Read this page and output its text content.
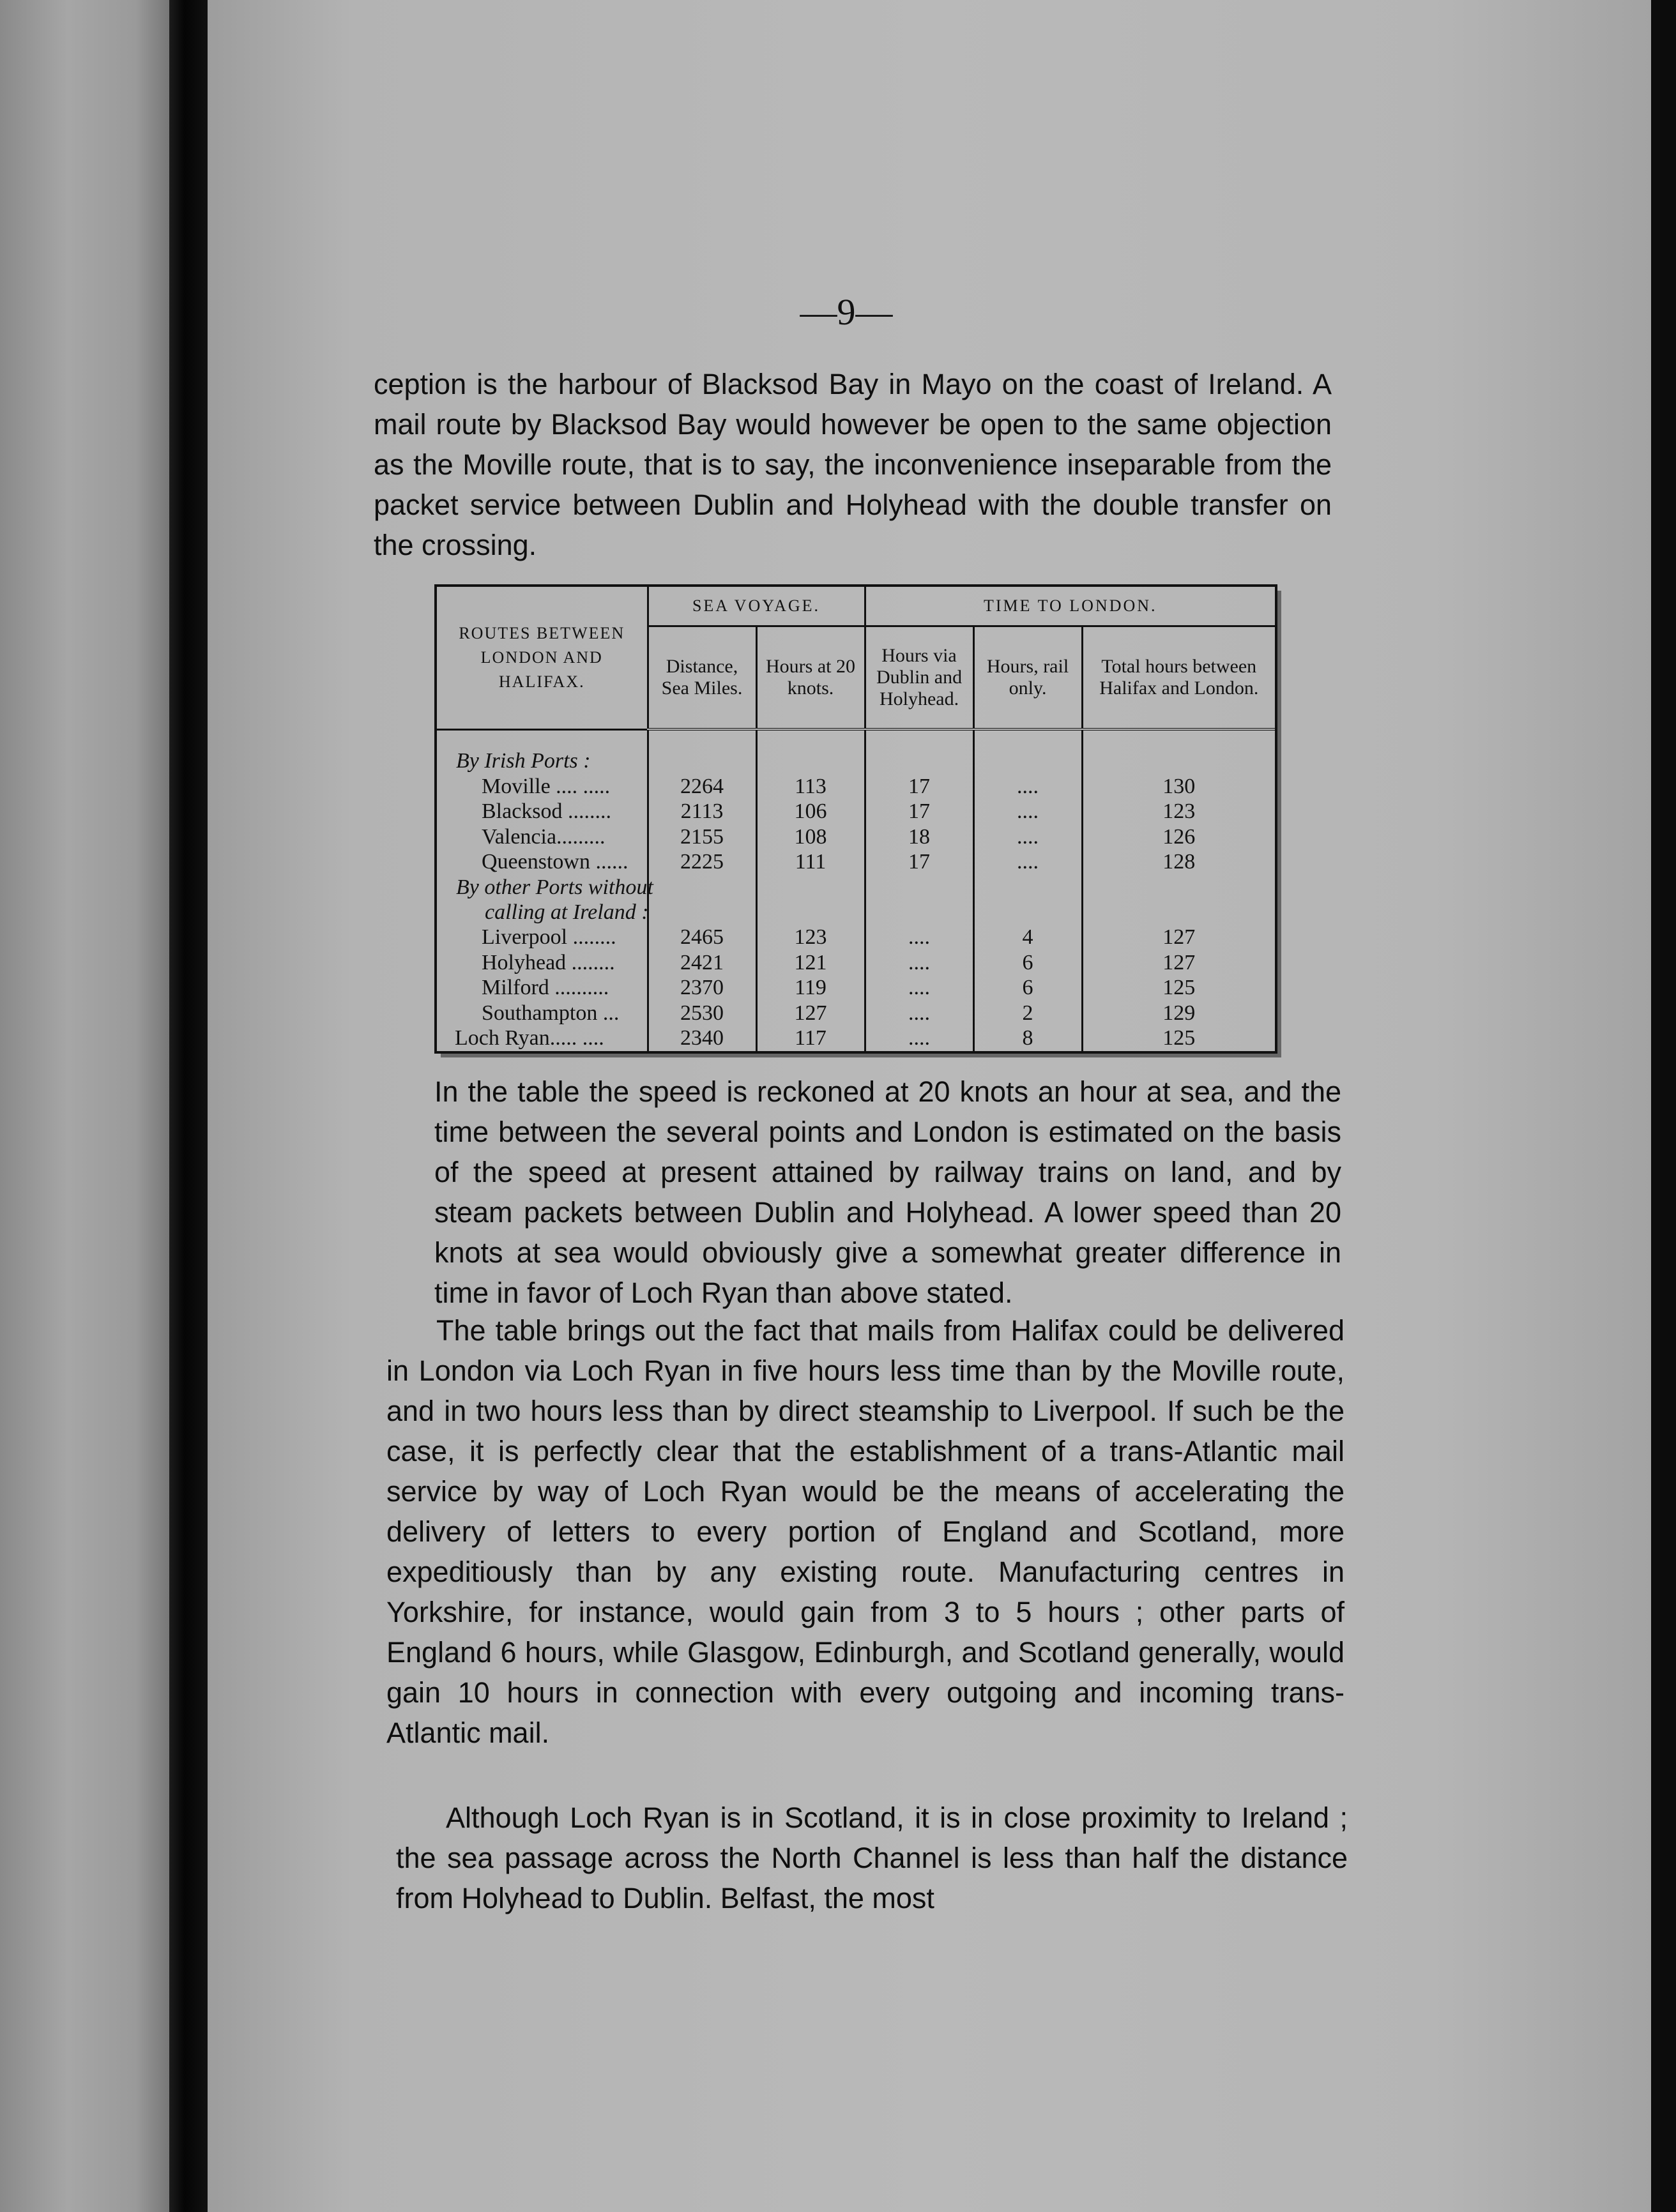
—9—

ception is the harbour of Blacksod Bay in Mayo on the coast of Ireland. A mail route by Blacksod Bay would however be open to the same objection as the Moville route, that is to say, the inconvenience inseparable from the packet service between Dublin and Holyhead with the double transfer on the crossing.

ROUTES BETWEEN LONDON AND HALIFAX.	SEA VOYAGE.		TIME TO LONDON.		
	Distance, Sea Miles.	Hours at 20 knots.	Hours via Dublin and Holyhead.	Hours, rail only.	Total hours between Halifax and London.
By Irish Ports :					
Moville .... .....	2264	113	17	....	130
Blacksod ........	2113	106	17	....	123
Valencia.........	2155	108	18	....	126
Queenstown ......	2225	111	17	....	128
By other Ports without					
calling at Ireland :					
Liverpool ........	2465	123	....	4	127
Holyhead ........	2421	121	....	6	127
Milford ..........	2370	119	....	6	125
Southampton ...	2530	127	....	2	129
Loch Ryan..... ....	2340	117	....	8	125

In the table the speed is reckoned at 20 knots an hour at sea, and the time between the several points and London is estimated on the basis of the speed at present attained by railway trains on land, and by steam packets between Dublin and Holyhead. A lower speed than 20 knots at sea would obviously give a somewhat greater difference in time in favor of Loch Ryan than above stated.

The table brings out the fact that mails from Halifax could be delivered in London via Loch Ryan in five hours less time than by the Moville route, and in two hours less than by direct steamship to Liverpool. If such be the case, it is perfectly clear that the establishment of a trans-Atlantic mail service by way of Loch Ryan would be the means of accelerating the delivery of letters to every portion of England and Scotland, more expeditiously than by any existing route. Manufacturing centres in Yorkshire, for instance, would gain from 3 to 5 hours ; other parts of England 6 hours, while Glasgow, Edinburgh, and Scotland generally, would gain 10 hours in connection with every outgoing and incoming trans-Atlantic mail.

Although Loch Ryan is in Scotland, it is in close proximity to Ireland ; the sea passage across the North Channel is less than half the distance from Holyhead to Dublin. Belfast, the most
